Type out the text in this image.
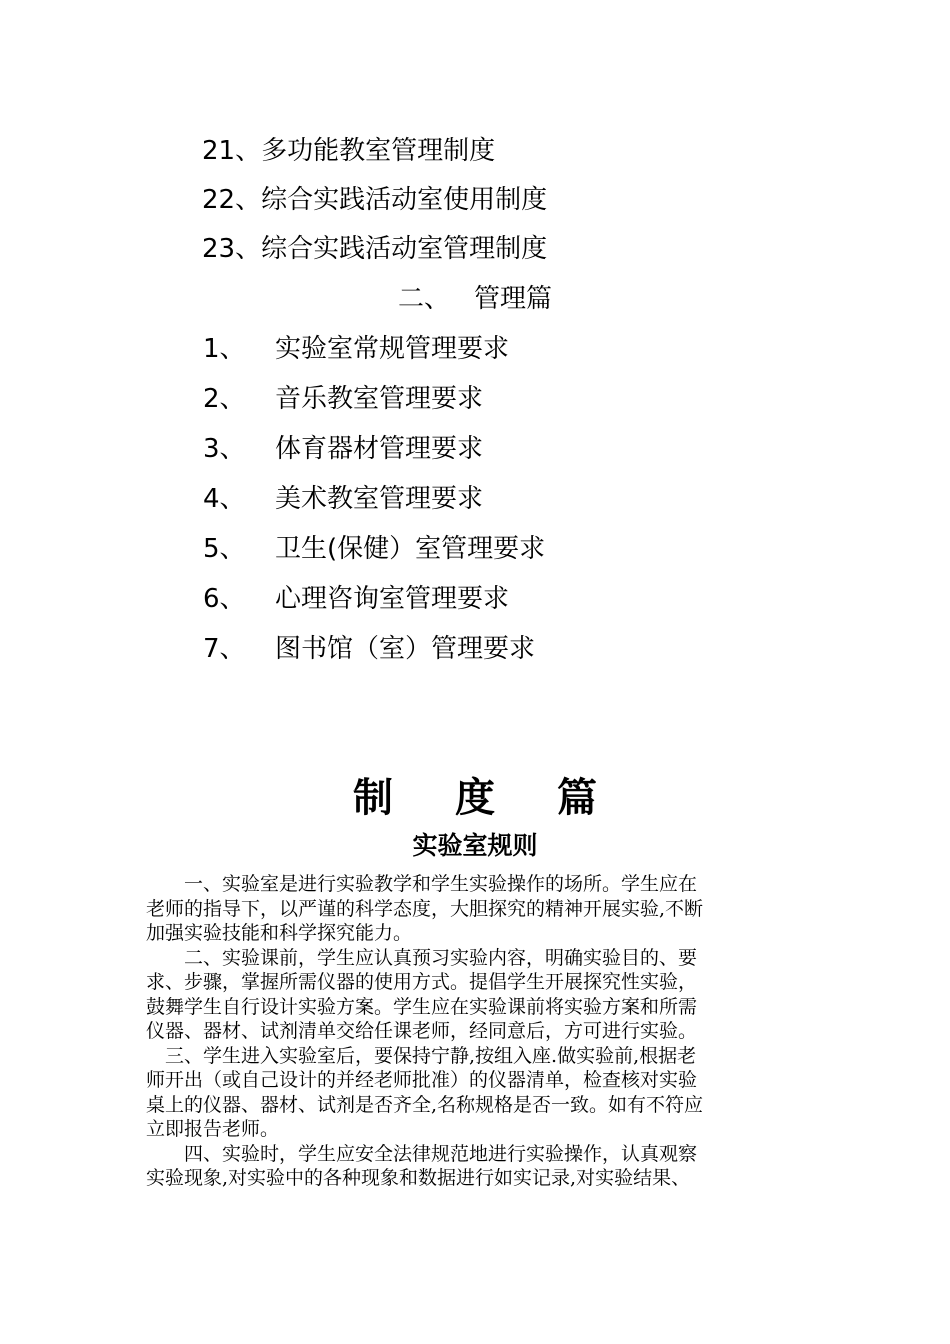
21、多功能教室管理制度
22、综合实践活动室使用制度
23、综合实践活动室管理制度
二、 管理篇
1、 实验室常规管理要求
2、 音乐教室管理要求
3、 体育器材管理要求
4、 美术教室管理要求
5、 卫生(保健）室管理要求
6、 心理咨询室管理要求
7、 图书馆（室）管理要求
制度篇
实验室规则

　　一、实验室是进行实验教学和学生实验操作的场所。学生应在

老师的指导下，以严谨的科学态度，大胆探究的精神开展实验,不断

加强实验技能和科学探究能力。

　　二、实验课前，学生应认真预习实验内容，明确实验目的、要

求、步骤，掌握所需仪器的使用方式。提倡学生开展探究性实验，

鼓舞学生自行设计实验方案。学生应在实验课前将实验方案和所需

仪器、器材、试剂清单交给任课老师，经同意后，方可进行实验。

　三、学生进入实验室后，要保持宁静,按组入座.做实验前,根据老

师开出（或自己设计的并经老师批准）的仪器清单，检查核对实验

桌上的仪器、器材、试剂是否齐全,名称规格是否一致。如有不符应

立即报告老师。

　　四、实验时，学生应安全法律规范地进行实验操作，认真观察

实验现象,对实验中的各种现象和数据进行如实记录,对实验结果、
